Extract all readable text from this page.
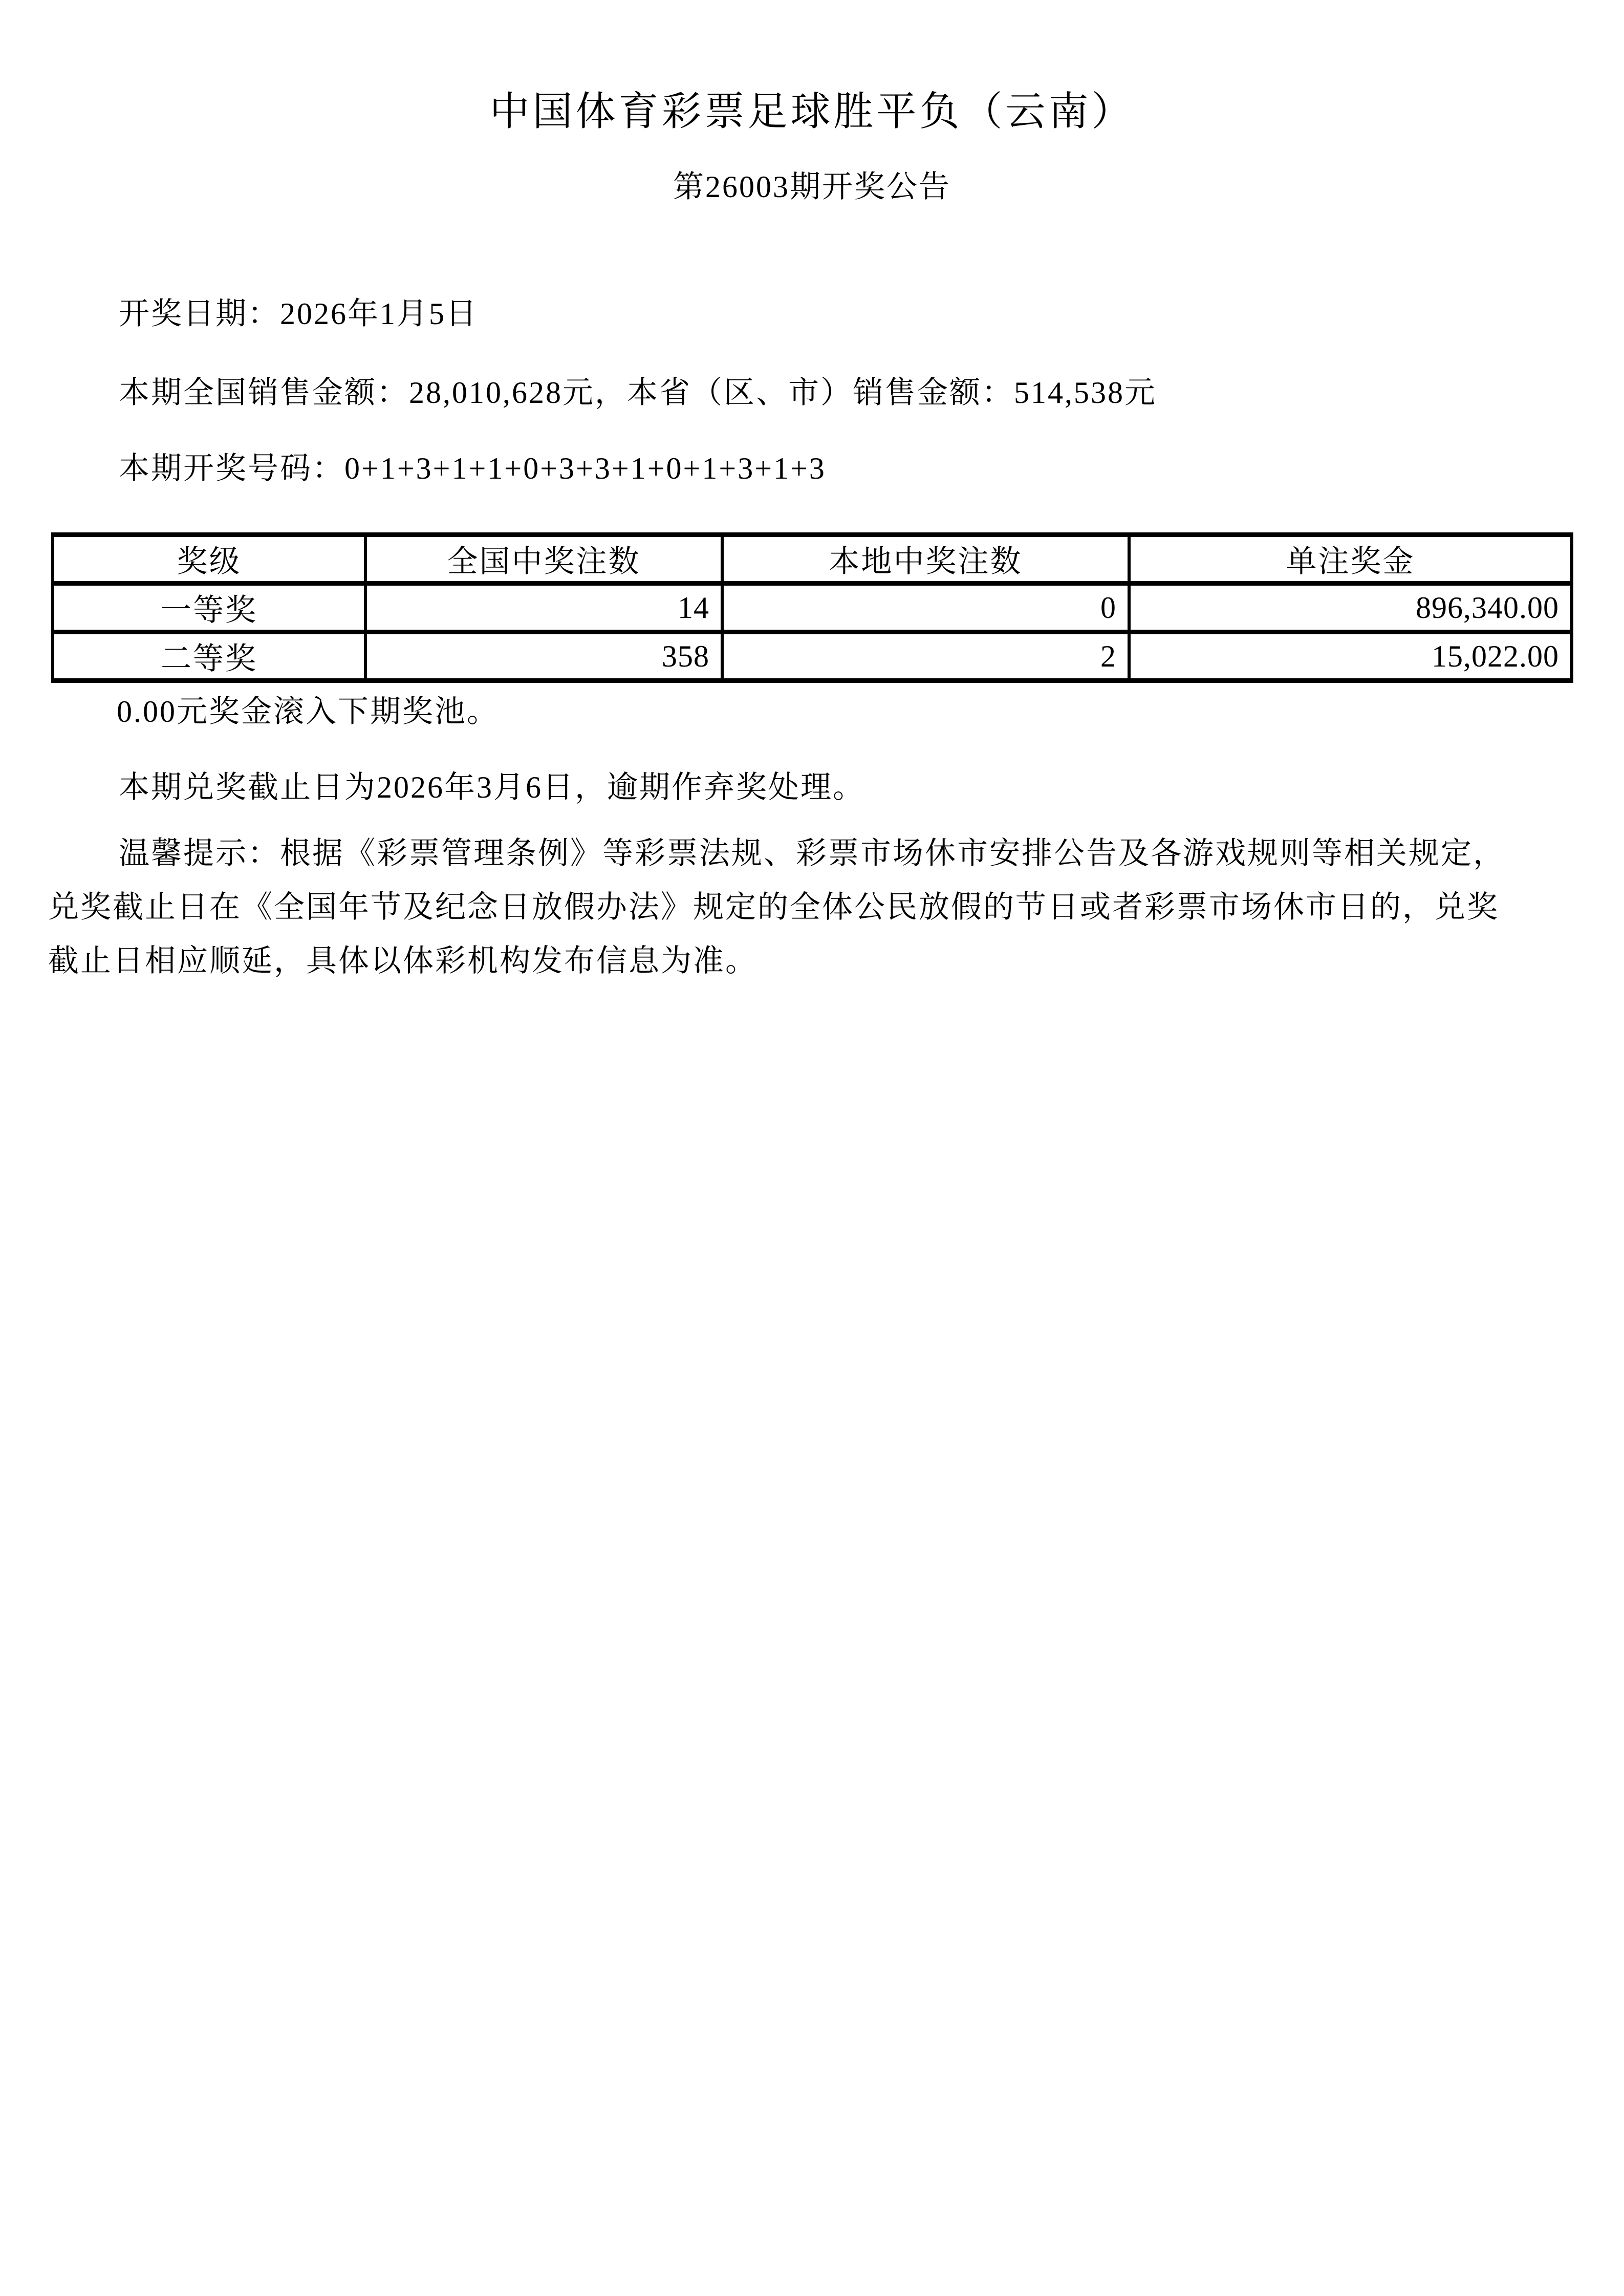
中国体育彩票足球胜平负（云南）
第26003期开奖公告
开奖日期：2026年1月5日
本期全国销售金额：28,010,628元，本省（区、市）销售金额：514,538元
本期开奖号码：0+1+3+1+1+0+3+3+1+0+1+3+1+3
奖级	全国中奖注数	本地中奖注数	单注奖金
一等奖	14	0	896,340.00
二等奖	358	2	15,022.00
0.00元奖金滚入下期奖池。
本期兑奖截止日为2026年3月6日，逾期作弃奖处理。
温馨提示：根据《彩票管理条例》等彩票法规、彩票市场休市安排公告及各游戏规则等相关规定，
兑奖截止日在《全国年节及纪念日放假办法》规定的全体公民放假的节日或者彩票市场休市日的，兑奖
截止日相应顺延，具体以体彩机构发布信息为准。
